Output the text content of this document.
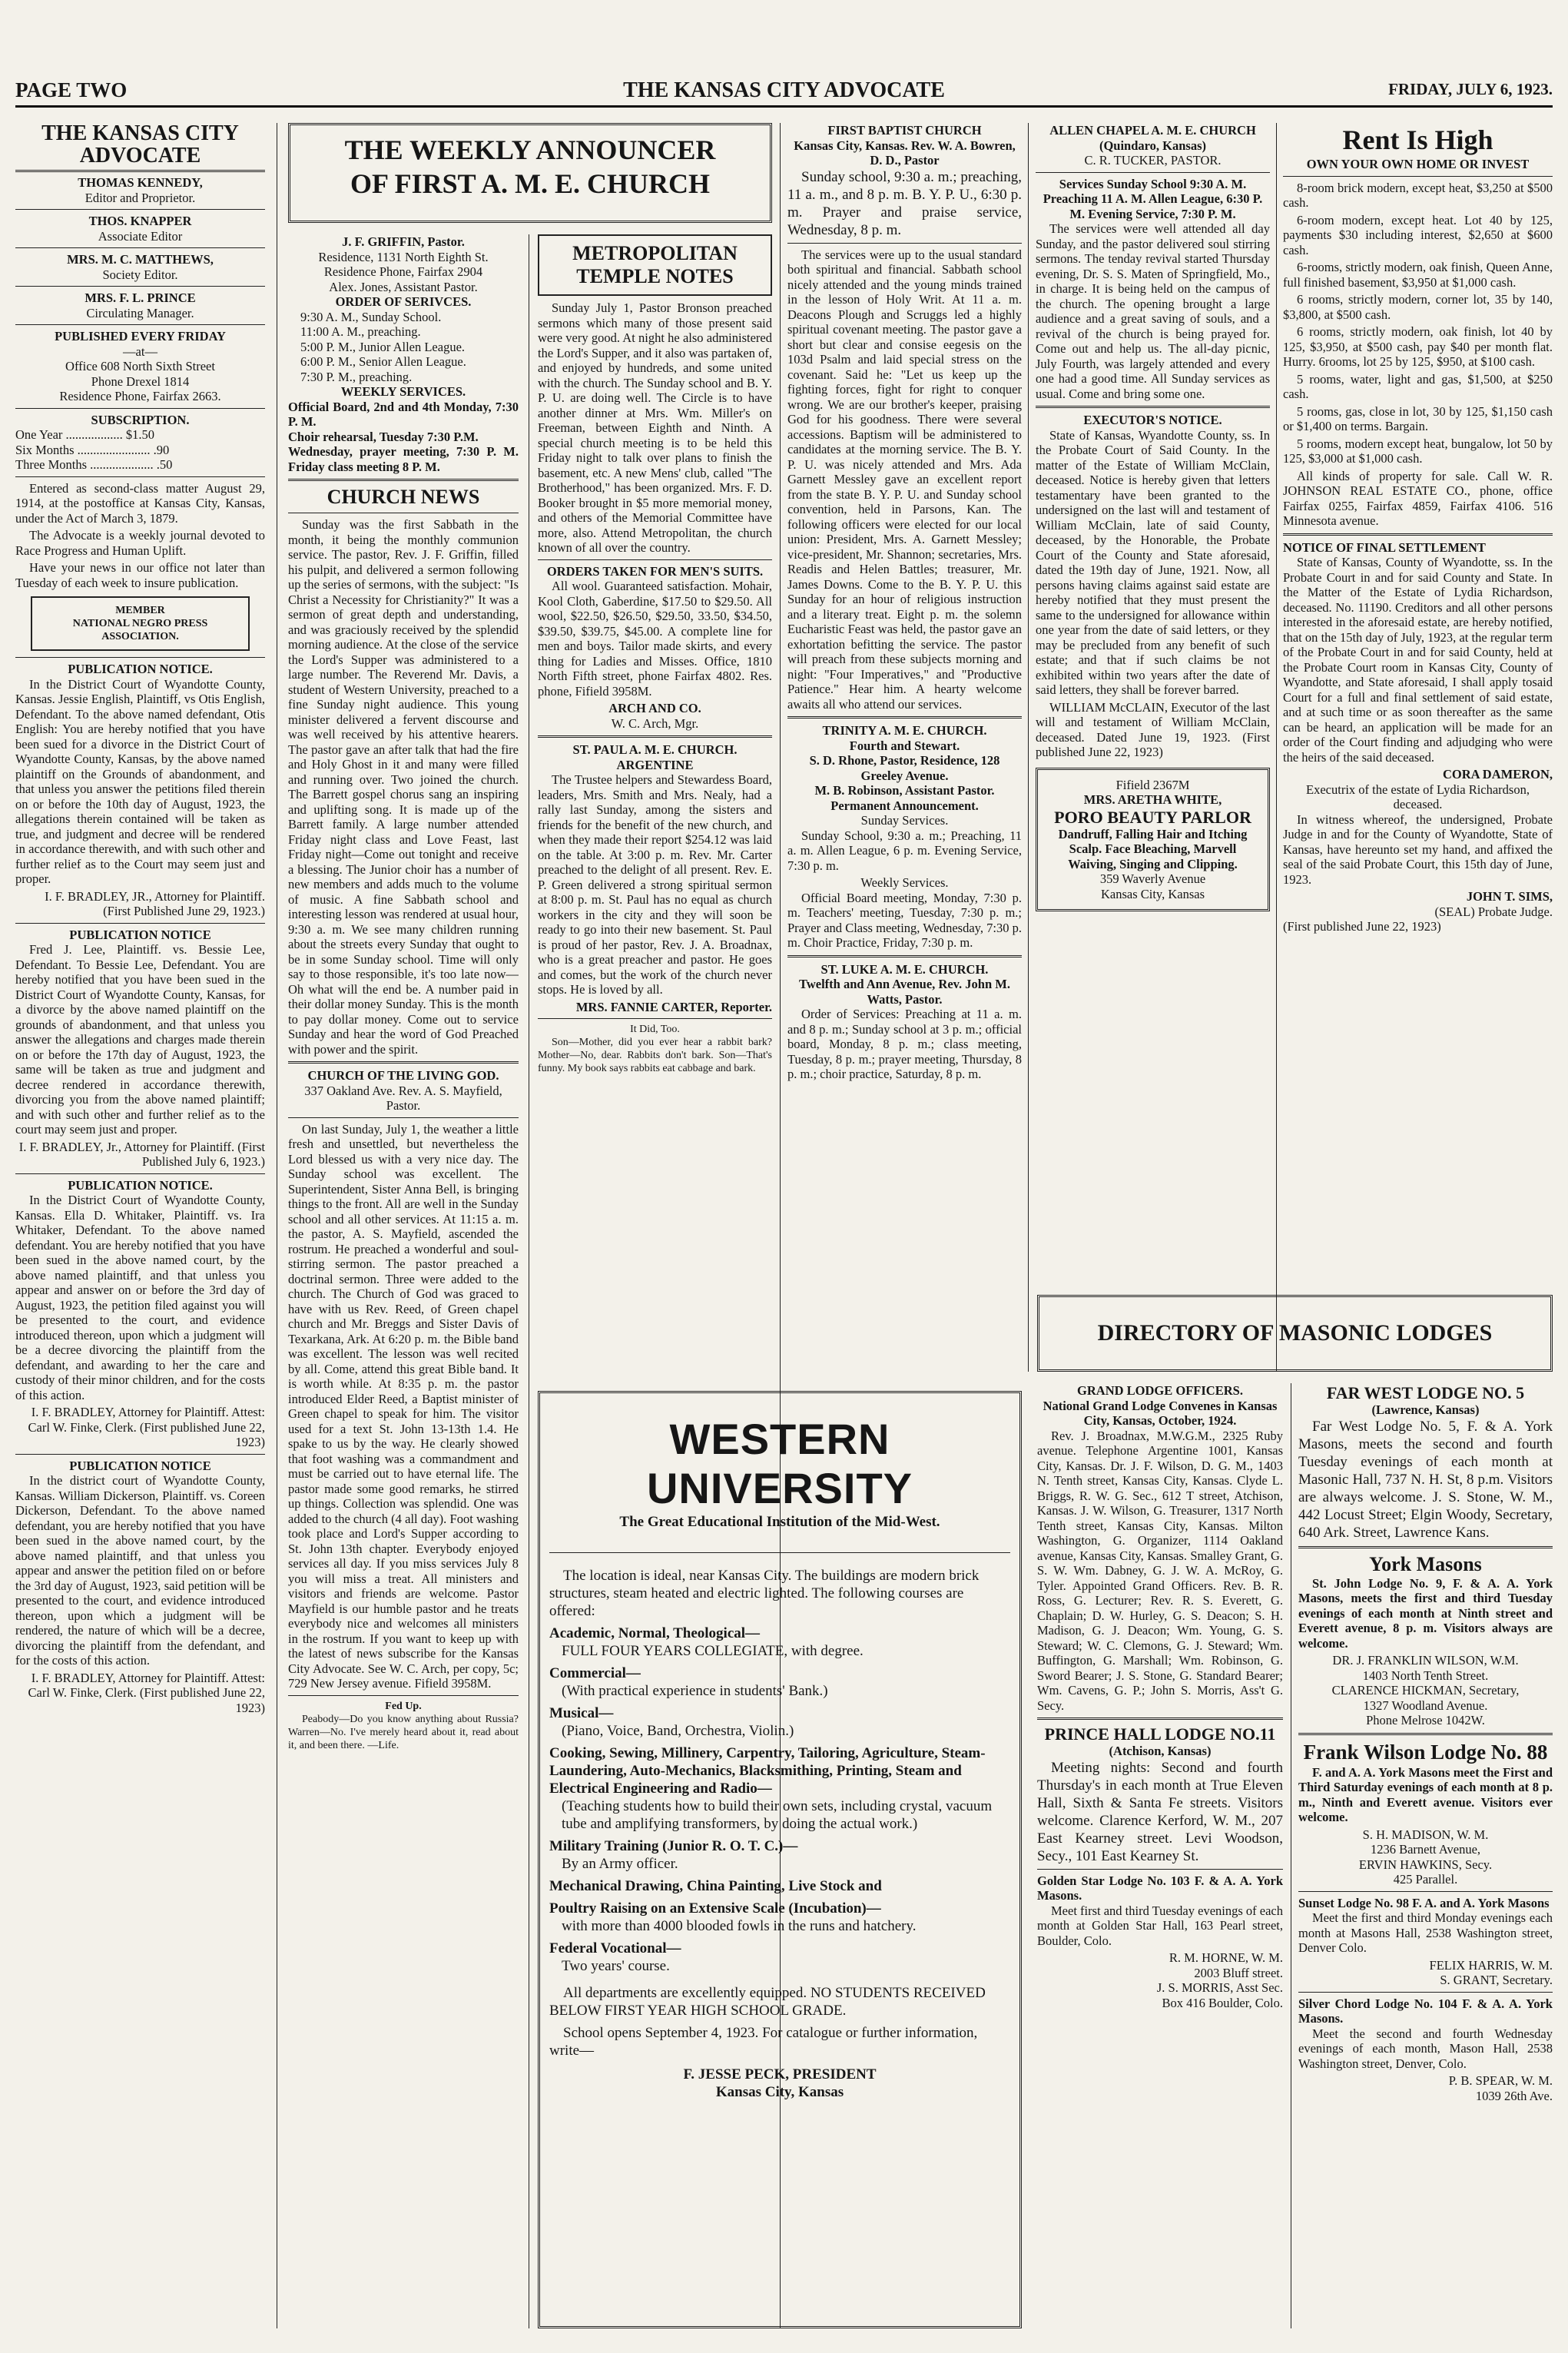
PAGE TWO	THE KANSAS CITY ADVOCATE	FRIDAY, JULY 6, 1923.
THE KANSAS CITY
ADVOCATE
THOMAS KENNEDY,
Editor and Proprietor.
THOS. KNAPPER
Associate Editor
MRS. M. C. MATTHEWS,
Society Editor.
MRS. F. L. PRINCE
Circulating Manager.
PUBLISHED EVERY FRIDAY
—at—
Office 608 North Sixth Street
Phone Drexel 1814
Residence Phone, Fairfax 2663.
SUBSCRIPTION.
One Year .................. $1.50
Six Months ....................... .90
Three Months .................... .50
Entered as second-class matter August 29, 1914, at the postoffice at Kansas City, Kansas, under the Act of March 3, 1879.
The Advocate is a weekly journal devoted to Race Progress and Human Uplift.
Have your news in our office not later than Tuesday of each week to insure publication.
MEMBER
NATIONAL NEGRO PRESS ASSOCIATION.
PUBLICATION NOTICE.
In the District Court of Wyandotte County, Kansas. Jessie English, Plaintiff, vs Otis English, Defendant. To the above named defendant, Otis English: You are hereby notified that you have been sued for a divorce in the District Court of Wyandotte County, Kansas, by the above named plaintiff on the Grounds of abandonment, and that unless you answer the petitions filed therein on or before the 10th day of August, 1923, the allegations therein contained will be taken as true, and judgment and decree will be rendered in accordance therewith, and with such other and further relief as to the Court may seem just and proper.
I. F. BRADLEY, JR., Attorney for Plaintiff. (First Published June 29, 1923.)
PUBLICATION NOTICE
Fred J. Lee, Plaintiff. vs. Bessie Lee, Defendant. To Bessie Lee, Defendant. You are hereby notified that you have been sued in the District Court of Wyandotte County, Kansas, for a divorce by the above named plaintiff on the grounds of abandonment, and that unless you answer the allegations and charges made therein on or before the 17th day of August, 1923, the same will be taken as true and judgment and decree rendered in accordance therewith, divorcing you from the above named plaintiff; and with such other and further relief as to the court may seem just and proper.
I. F. BRADLEY, Jr., Attorney for Plaintiff. (First Published July 6, 1923.)
PUBLICATION NOTICE.
In the District Court of Wyandotte County, Kansas. Ella D. Whitaker, Plaintiff. vs. Ira Whitaker, Defendant. To the above named defendant. You are hereby notified that you have been sued in the above named court, by the above named plaintiff, and that unless you appear and answer on or before the 3rd day of August, 1923, the petition filed against you will be presented to the court, and evidence introduced thereon, upon which a judgment will be a decree divorcing the plaintiff from the defendant, and awarding to her the care and custody of their minor children, and for the costs of this action.
I. F. BRADLEY, Attorney for Plaintiff. Attest: Carl W. Finke, Clerk. (First published June 22, 1923)
PUBLICATION NOTICE
In the district court of Wyandotte County, Kansas. William Dickerson, Plaintiff. vs. Coreen Dickerson, Defendant. To the above named defendant, you are hereby notified that you have been sued in the above named court, by the above named plaintiff, and that unless you appear and answer the petition filed on or before the 3rd day of August, 1923, said petition will be presented to the court, and evidence introduced thereon, upon which a judgment will be rendered, the nature of which will be a decree, divorcing the plaintiff from the defendant, and for the costs of this action.
I. F. BRADLEY, Attorney for Plaintiff. Attest: Carl W. Finke, Clerk. (First published June 22, 1923)
THE WEEKLY ANNOUNCER
OF FIRST A. M. E. CHURCH
J. F. GRIFFIN, Pastor.
Residence, 1131 North Eighth St.
Residence Phone, Fairfax 2904
Alex. Jones, Assistant Pastor.
ORDER OF SERIVCES.
9:30 A. M., Sunday School.
11:00 A. M., preaching.
5:00 P. M., Junior Allen League.
6:00 P. M., Senior Allen League.
7:30 P. M., preaching.
WEEKLY SERVICES.
Official Board, 2nd and 4th Monday, 7:30 P. M.
Choir rehearsal, Tuesday 7:30 P.M.
Wednesday, prayer meeting, 7:30 P. M. Friday class meeting 8 P. M.
CHURCH NEWS
Sunday was the first Sabbath in the month, it being the monthly communion service. The pastor, Rev. J. F. Griffin, filled his pulpit, and delivered a sermon following up the series of sermons, with the subject: "Is Christ a Necessity for Christianity?" It was a sermon of great depth and understanding, and was graciously received by the splendid morning audience. At the close of the service the Lord's Supper was administered to a large number. The Reverend Mr. Davis, a student of Western University, preached to a fine Sunday night audience. This young minister delivered a fervent discourse and was well received by his attentive hearers. The pastor gave an after talk that had the fire and Holy Ghost in it and many were filled and running over. Two joined the church. The Barrett gospel chorus sang an inspiring and uplifting song. It is made up of the Barrett family. A large number attended Friday night class and Love Feast, last Friday night—Come out tonight and receive a blessing. The Junior choir has a number of new members and adds much to the volume of music. A fine Sabbath school and interesting lesson was rendered at usual hour, 9:30 a. m. We see many children running about the streets every Sunday that ought to be in some Sunday school. Time will only say to those responsible, it's too late now—Oh what will the end be. A number paid in their dollar money Sunday. This is the month to pay dollar money. Come out to service Sunday and hear the word of God Preached with power and the spirit.
CHURCH OF THE LIVING GOD.
337 Oakland Ave. Rev. A. S. Mayfield, Pastor.
On last Sunday, July 1, the weather a little fresh and unsettled, but nevertheless the Lord blessed us with a very nice day. The Sunday school was excellent. The Superintendent, Sister Anna Bell, is bringing things to the front. All are well in the Sunday school and all other services. At 11:15 a. m. the pastor, A. S. Mayfield, ascended the rostrum. He preached a wonderful and soul-stirring sermon. The pastor preached a doctrinal sermon. Three were added to the church. The Church of God was graced to have with us Rev. Reed, of Green chapel church and Mr. Breggs and Sister Davis of Texarkana, Ark. At 6:20 p. m. the Bible band was excellent. The lesson was well recited by all. Come, attend this great Bible band. It is worth while. At 8:35 p. m. the pastor introduced Elder Reed, a Baptist minister of Green chapel to speak for him. The visitor used for a text St. John 13-13th 1.4. He spake to us by the way. He clearly showed that foot washing was a commandment and must be carried out to have eternal life. The pastor made some good remarks, he stirred up things. Collection was splendid. One was added to the church (4 all day). Foot washing took place and Lord's Supper according to St. John 13th chapter. Everybody enjoyed services all day. If you miss services July 8 you will miss a treat. All ministers and visitors and friends are welcome. Pastor Mayfield is our humble pastor and he treats everybody nice and welcomes all ministers in the rostrum. If you want to keep up with the latest of news subscribe for the Kansas City Advocate. See W. C. Arch, per copy, 5c; 729 New Jersey avenue. Fifield 3958M.
Fed Up.
Peabody—Do you know anything about Russia? Warren—No. I've merely heard about it, read about it, and been there. —Life.
METROPOLITAN
TEMPLE NOTES
Sunday July 1, Pastor Bronson preached sermons which many of those present said were very good. At night he also administered the Lord's Supper, and it also was partaken of, and enjoyed by hundreds, and some united with the church. The Sunday school and B. Y. P. U. are doing well. The Circle is to have another dinner at Mrs. Wm. Miller's on Freeman, between Eighth and Ninth. A special church meeting is to be held this Friday night to talk over plans to finish the basement, etc. A new Mens' club, called "The Brotherhood," has been organized. Mrs. F. D. Booker brought in $5 more memorial money, and others of the Memorial Committee have more, also. Attend Metropolitan, the church known of all over the country.
ORDERS TAKEN FOR MEN'S SUITS.
All wool. Guaranteed satisfaction. Mohair, Kool Cloth, Gaberdine, $17.50 to $29.50. All wool, $22.50, $26.50, $29.50, 33.50, $34.50, $39.50, $39.75, $45.00. A complete line for men and boys. Tailor made skirts, and every thing for Ladies and Misses. Office, 1810 North Fifth street, phone Fairfax 4802. Res. phone, Fifield 3958M.
ARCH AND CO.
W. C. Arch, Mgr.
ST. PAUL A. M. E. CHURCH.
ARGENTINE
The Trustee helpers and Stewardess Board, leaders, Mrs. Smith and Mrs. Nealy, had a rally last Sunday, among the sisters and friends for the benefit of the new church, and when they made their report $254.12 was laid on the table. At 3:00 p. m. Rev. Mr. Carter preached to the delight of all present. Rev. E. P. Green delivered a strong spiritual sermon at 8:00 p. m. St. Paul has no equal as church workers in the city and they will soon be ready to go into their new basement. St. Paul is proud of her pastor, Rev. J. A. Broadnax, who is a great preacher and pastor. He goes and comes, but the work of the church never stops. He is loved by all.
MRS. FANNIE CARTER, Reporter.
It Did, Too.
Son—Mother, did you ever hear a rabbit bark? Mother—No, dear. Rabbits don't bark. Son—That's funny. My book says rabbits eat cabbage and bark.
FIRST BAPTIST CHURCH
Kansas City, Kansas. Rev. W. A. Bowren, D. D., Pastor
Sunday school, 9:30 a. m.; preaching, 11 a. m., and 8 p. m. B. Y. P. U., 6:30 p. m. Prayer and praise service, Wednesday, 8 p. m.
The services were up to the usual standard both spiritual and financial. Sabbath school nicely attended and the young minds trained in the lesson of Holy Writ. At 11 a. m. Deacons Plough and Scruggs led a highly spiritual covenant meeting. The pastor gave a short but clear and consise eegesis on the 103d Psalm and laid special stress on the covenant. Said he: "Let us keep up the fighting forces, fight for right to conquer wrong. We are our brother's keeper, praising God for his goodness. There were several accessions. Baptism will be administered to candidates at the morning service. The B. Y. P. U. was nicely attended and Mrs. Ada Garnett Messley gave an excellent report from the state B. Y. P. U. and Sunday school convention, held in Parsons, Kan. The following officers were elected for our local union: President, Mrs. A. Garnett Messley; vice-president, Mr. Shannon; secretaries, Mrs. Readis and Helen Battles; treasurer, Mr. James Downs. Come to the B. Y. P. U. this Sunday for an hour of religious instruction and a literary treat. Eight p. m. the solemn Eucharistic Feast was held, the pastor gave an exhortation befitting the service. The pastor will preach from these subjects morning and night: "Four Imperatives," and "Productive Patience." Hear him. A hearty welcome awaits all who attend our services.
TRINITY A. M. E. CHURCH.
Fourth and Stewart.
S. D. Rhone, Pastor, Residence, 128 Greeley Avenue.
M. B. Robinson, Assistant Pastor.
Permanent Announcement.
Sunday Services.
Sunday School, 9:30 a. m.; Preaching, 11 a. m. Allen League, 6 p. m. Evening Service, 7:30 p. m.
Weekly Services.
Official Board meeting, Monday, 7:30 p. m. Teachers' meeting, Tuesday, 7:30 p. m.; Prayer and Class meeting, Wednesday, 7:30 p. m. Choir Practice, Friday, 7:30 p. m.
ST. LUKE A. M. E. CHURCH.
Twelfth and Ann Avenue, Rev. John M. Watts, Pastor.
Order of Services: Preaching at 11 a. m. and 8 p. m.; Sunday school at 3 p. m.; official board, Monday, 8 p. m.; class meeting, Tuesday, 8 p. m.; prayer meeting, Thursday, 8 p. m.; choir practice, Saturday, 8 p. m.
ALLEN CHAPEL A. M. E. CHURCH
(Quindaro, Kansas)
C. R. TUCKER, PASTOR.
Services Sunday School 9:30 A. M. Preaching 11 A. M. Allen League, 6:30 P. M. Evening Service, 7:30 P. M.
The services were well attended all day Sunday, and the pastor delivered soul stirring sermons. The tenday revival started Thursday evening, Dr. S. S. Maten of Springfield, Mo., in charge. It is being held on the campus of the church. The opening brought a large audience and a great saving of souls, and a revival of the church is being prayed for. Come out and help us. The all-day picnic, July Fourth, was largely attended and every one had a good time. All Sunday services as usual. Come and bring some one.
EXECUTOR'S NOTICE.
State of Kansas, Wyandotte County, ss. In the Probate Court of Said County. In the matter of the Estate of William McClain, deceased. Notice is hereby given that letters testamentary have been granted to the undersigned on the last will and testament of William McClain, late of said County, deceased, by the Honorable, the Probate Court of the County and State aforesaid, dated the 19th day of June, 1921. Now, all persons having claims against said estate are hereby notified that they must present the same to the undersigned for allowance within one year from the date of said letters, or they may be precluded from any benefit of such estate; and that if such claims be not exhibited within two years after the date of said letters, they shall be forever barred.
WILLIAM McCLAIN, Executor of the last will and testament of William McClain, deceased. Dated June 19, 1923. (First published June 22, 1923)
Fifield 2367M
MRS. ARETHA WHITE,
PORO BEAUTY PARLOR
Dandruff, Falling Hair and Itching Scalp. Face Bleaching, Marvell Waiving, Singing and Clipping.
359 Waverly Avenue
Kansas City, Kansas
Rent Is High
OWN YOUR OWN HOME OR INVEST
8-room brick modern, except heat, $3,250 at $500 cash.
6-room modern, except heat. Lot 40 by 125, payments $30 including interest, $2,650 at $600 cash.
6-rooms, strictly modern, oak finish, Queen Anne, full finished basement, $3,950 at $1,000 cash.
6 rooms, strictly modern, corner lot, 35 by 140, $3,800, at $500 cash.
6 rooms, strictly modern, oak finish, lot 40 by 125, $3,950, at $500 cash, pay $40 per month flat. Hurry. 6rooms, lot 25 by 125, $950, at $100 cash.
5 rooms, water, light and gas, $1,500, at $250 cash.
5 rooms, gas, close in lot, 30 by 125, $1,150 cash or $1,400 on terms. Bargain.
5 rooms, modern except heat, bungalow, lot 50 by 125, $3,000 at $1,000 cash.
All kinds of property for sale. Call W. R. JOHNSON REAL ESTATE CO., phone, office Fairfax 0255, Fairfax 4859, Fairfax 4106. 516 Minnesota avenue.
NOTICE OF FINAL SETTLEMENT
State of Kansas, County of Wyandotte, ss. In the Probate Court in and for said County and State. In the Matter of the Estate of Lydia Richardson, deceased. No. 11190. Creditors and all other persons interested in the aforesaid estate, are hereby notified, that on the 15th day of July, 1923, at the regular term of the Probate Court in and for said County, held at the Probate Court room in Kansas City, County of Wyandotte, and State aforesaid, I shall apply tosaid Court for a full and final settlement of said estate, and at such time or as soon thereafter as the same can be heard, an application will be made for an order of the Court finding and adjudging who were the heirs of the said deceased.
CORA DAMERON,
Executrix of the estate of Lydia Richardson, deceased.
In witness whereof, the undersigned, Probate Judge in and for the County of Wyandotte, State of Kansas, have hereunto set my hand, and affixed the seal of the said Probate Court, this 15th day of June, 1923.
JOHN T. SIMS,
(SEAL) Probate Judge.
(First published June 22, 1923)
WESTERN UNIVERSITY
The Great Educational Institution of the Mid-West.
The location is ideal, near Kansas City. The buildings are modern brick structures, steam heated and electric lighted. The following courses are offered:
Academic, Normal, Theological—
FULL FOUR YEARS COLLEGIATE, with degree.
Commercial—
(With practical experience in students' Bank.)
Musical—
(Piano, Voice, Band, Orchestra, Violin.)
Cooking, Sewing, Millinery, Carpentry, Tailoring, Agriculture, Steam-Laundering, Auto-Mechanics, Blacksmithing, Printing, Steam and Electrical Engineering and Radio—
(Teaching students how to build their own sets, including crystal, vacuum tube and amplifying transformers, by doing the actual work.)
Military Training (Junior R. O. T. C.)—
By an Army officer.
Mechanical Drawing, China Painting, Live Stock and
Poultry Raising on an Extensive Scale (Incubation)—
with more than 4000 blooded fowls in the runs and hatchery.
Federal Vocational—
Two years' course.
All departments are excellently equipped. NO STUDENTS RECEIVED BELOW FIRST YEAR HIGH SCHOOL GRADE.
School opens September 4, 1923. For catalogue or further information, write—
F. JESSE PECK, PRESIDENT
Kansas City, Kansas
DIRECTORY OF MASONIC LODGES
GRAND LODGE OFFICERS.
National Grand Lodge Convenes in Kansas City, Kansas, October, 1924.
Rev. J. Broadnax, M.W.G.M., 2325 Ruby avenue. Telephone Argentine 1001, Kansas City, Kansas. Dr. J. F. Wilson, D. G. M., 1403 N. Tenth street, Kansas City, Kansas. Clyde L. Briggs, R. W. G. Sec., 612 T street, Atchison, Kansas. J. W. Wilson, G. Treasurer, 1317 North Tenth street, Kansas City, Kansas. Milton Washington, G. Organizer, 1114 Oakland avenue, Kansas City, Kansas. Smalley Grant, G. S. W. Wm. Dabney, G. J. W. A. McRoy, G. Tyler. Appointed Grand Officers. Rev. B. R. Ross, G. Lecturer; Rev. R. S. Everett, G. Chaplain; D. W. Hurley, G. S. Deacon; S. H. Madison, G. J. Deacon; Wm. Young, G. S. Steward; W. C. Clemons, G. J. Steward; Wm. Buffington, G. Marshall; Wm. Robinson, G. Sword Bearer; J. S. Stone, G. Standard Bearer; Wm. Cavens, G. P.; John S. Morris, Ass't G. Secy.
PRINCE HALL LODGE NO.11
(Atchison, Kansas)
Meeting nights: Second and fourth Thursday's in each month at True Eleven Hall, Sixth & Santa Fe streets. Visitors welcome. Clarence Kerford, W. M., 207 East Kearney street. Levi Woodson, Secy., 101 East Kearney St.
Golden Star Lodge No. 103 F. & A. A. York Masons.
Meet first and third Tuesday evenings of each month at Golden Star Hall, 163 Pearl street, Boulder, Colo.
R. M. HORNE, W. M.
2003 Bluff street.
J. S. MORRIS, Asst Sec.
Box 416 Boulder, Colo.
FAR WEST LODGE NO. 5
(Lawrence, Kansas)
Far West Lodge No. 5, F. & A. York Masons, meets the second and fourth Tuesday evenings of each month at Masonic Hall, 737 N. H. St, 8 p.m. Visitors are always welcome. J. S. Stone, W. M., 442 Locust Street; Elgin Woody, Secretary, 640 Ark. Street, Lawrence Kans.
York Masons
St. John Lodge No. 9, F. & A. A. York Masons, meets the first and third Tuesday evenings of each month at Ninth street and Everett avenue, 8 p. m. Visitors always are welcome.
DR. J. FRANKLIN WILSON, W.M.
1403 North Tenth Street.
CLARENCE HICKMAN, Secretary,
1327 Woodland Avenue.
Phone Melrose 1042W.
Frank Wilson Lodge No. 88
F. and A. A. York Masons meet the First and Third Saturday evenings of each month at 8 p. m., Ninth and Everett avenue. Visitors ever welcome.
S. H. MADISON, W. M.
1236 Barnett Avenue,
ERVIN HAWKINS, Secy.
425 Parallel.
Sunset Lodge No. 98 F. A. and A. York Masons
Meet the first and third Monday evenings each month at Masons Hall, 2538 Washington street, Denver Colo.
FELIX HARRIS, W. M.
S. GRANT, Secretary.
Silver Chord Lodge No. 104 F. & A. A. York Masons.
Meet the second and fourth Wednesday evenings of each month, Mason Hall, 2538 Washington street, Denver, Colo.
P. B. SPEAR, W. M.
1039 26th Ave.
